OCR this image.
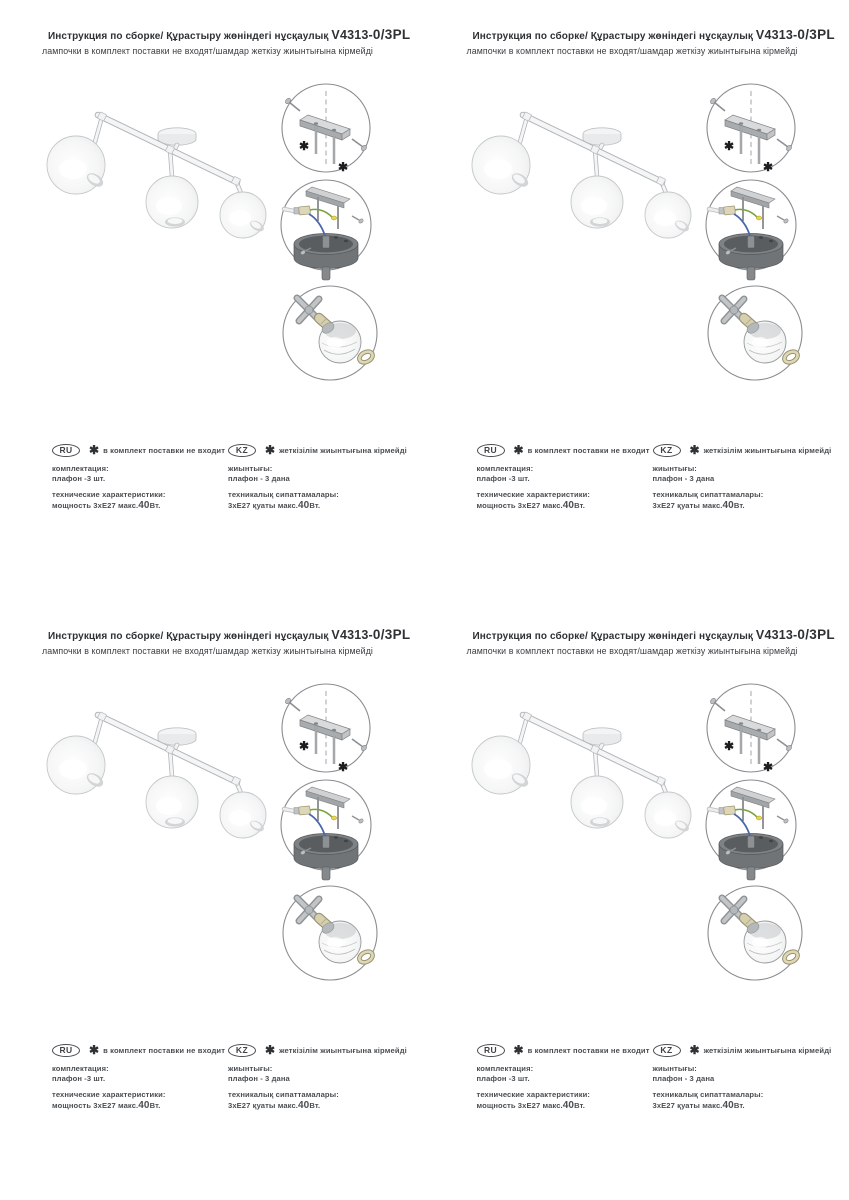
Инструкция по сборке/ Құрастыру жөніндегі нұсқаулық V4313-0/3PL

лампочки в комплект поставки не входят/шамдар жеткізу жиынтығына кірмейді

✱
✱
RU	✱ в комплект поставки не входит
комплектация:
плафон -3 шт.
технические характеристики:
мощность 3хЕ27 макс.40Вт.
KZ	✱ жеткізілім жиынтығына кірмейді
жиынтығы:
плафон - 3 дана
техникалық сипаттамалары:
3хЕ27 қуаты макс.40Вт.
Инструкция по сборке/ Құрастыру жөніндегі нұсқаулық V4313-0/3PL

лампочки в комплект поставки не входят/шамдар жеткізу жиынтығына кірмейді

✱
✱
RU	✱ в комплект поставки не входит
комплектация:
плафон -3 шт.
технические характеристики:
мощность 3хЕ27 макс.40Вт.
KZ	✱ жеткізілім жиынтығына кірмейді
жиынтығы:
плафон - 3 дана
техникалық сипаттамалары:
3хЕ27 қуаты макс.40Вт.
Инструкция по сборке/ Құрастыру жөніндегі нұсқаулық V4313-0/3PL

лампочки в комплект поставки не входят/шамдар жеткізу жиынтығына кірмейді

✱
✱
RU	✱ в комплект поставки не входит
комплектация:
плафон -3 шт.
технические характеристики:
мощность 3хЕ27 макс.40Вт.
KZ	✱ жеткізілім жиынтығына кірмейді
жиынтығы:
плафон - 3 дана
техникалық сипаттамалары:
3хЕ27 қуаты макс.40Вт.
Инструкция по сборке/ Құрастыру жөніндегі нұсқаулық V4313-0/3PL

лампочки в комплект поставки не входят/шамдар жеткізу жиынтығына кірмейді

✱
✱
RU	✱ в комплект поставки не входит
комплектация:
плафон -3 шт.
технические характеристики:
мощность 3хЕ27 макс.40Вт.
KZ	✱ жеткізілім жиынтығына кірмейді
жиынтығы:
плафон - 3 дана
техникалық сипаттамалары:
3хЕ27 қуаты макс.40Вт.
